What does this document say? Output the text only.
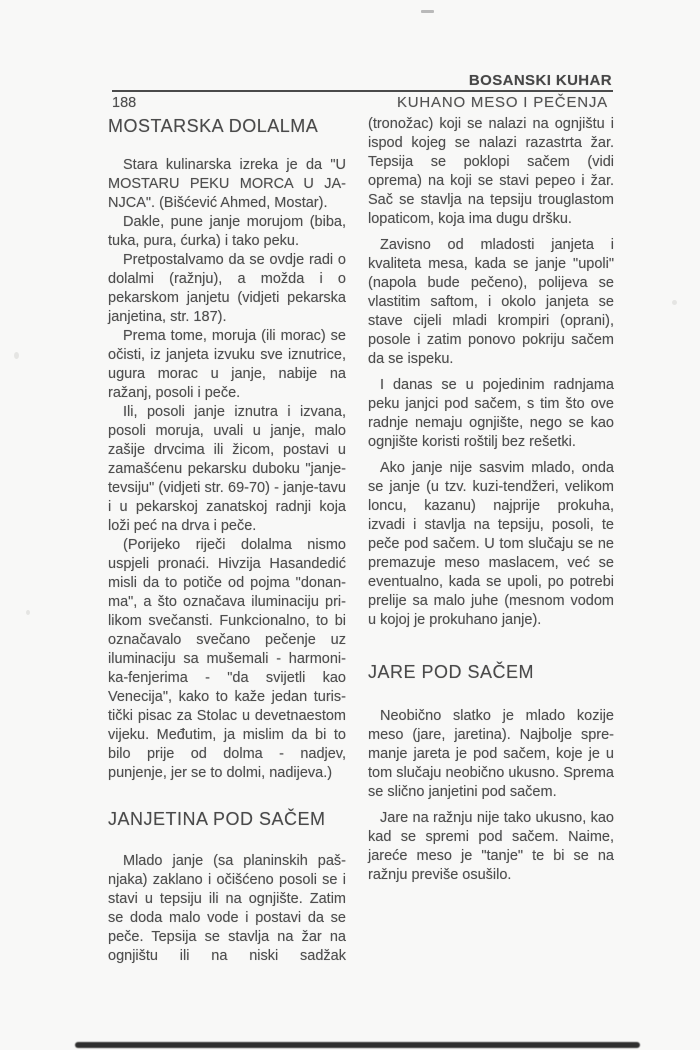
BOSANSKI KUHAR
188	KUHANO MESO I PEČENJA
MOSTARSKA DOLALMA

Stara kulinarska izreka je da "U MOSTARU PEKU MORCA U JANJCA". (Bišćević Ahmed, Mostar).

Dakle, pune janje morujom (biba, tuka, pura, ćurka) i tako peku.

Pretpostalvamo da se ovdje radi o dolalmi (ražnju), a možda i o pekarskom janjetu (vidjeti pekarska janjetina, str. 187).

Prema tome, moruja (ili morac) se očisti, iz janjeta izvuku sve iznutrice, ugura morac u janje, nabije na ražanj, posoli i peče.

Ili, posoli janje iznutra i izvana, posoli moruja, uvali u janje, malo zašije drvcima ili žicom, postavi u zamašćenu pekarsku duboku "janje-tevsiju" (vidjeti str. 69-70) - janje-tavu i u pekarskoj zanatskoj radnji koja loži peć na drva i peče.

(Porijeko riječi dolalma nismo uspjeli pronaći. Hivzija Hasandedić misli da to potiče od pojma "donanma", a što označava iluminaciju prilikom svečansti. Funkcionalno, to bi označavalo svečano pečenje uz iluminaciju sa mušemali - harmonika-fenjerima - "da svijetli kao Venecija", kako to kaže jedan turistički pisac za Stolac u devetnaestom vijeku. Međutim, ja mislim da bi to bilo prije od dolma - nadjev, punjenje, jer se to dolmi, nadijeva.)

JANJETINA POD SAČEM

Mlado janje (sa planinskih pašnjaka) zaklano i očišćeno posoli se i stavi u tepsiju ili na ognjište. Zatim se doda malo vode i postavi da se peče. Tepsija se stavlja na žar na ognjištu ili na niski sadžak

(tronožac) koji se nalazi na ognjištu i ispod kojeg se nalazi razastrta žar. Tepsija se poklopi sačem (vidi oprema) na koji se stavi pepeo i žar. Sač se stavlja na tepsiju trouglastom lopaticom, koja ima dugu dršku.

Zavisno od mladosti janjeta i kvaliteta mesa, kada se janje "upoli" (napola bude pečeno), polijeva se vlastitim saftom, i okolo janjeta se stave cijeli mladi krompiri (oprani), posole i zatim ponovo pokriju sačem da se ispeku.

I danas se u pojedinim radnjama peku janjci pod sačem, s tim što ove radnje nemaju ognjište, nego se kao ognjište koristi roštilj bez rešetki.

Ako janje nije sasvim mlado, onda se janje (u tzv. kuzi-tendžeri, velikom loncu, kazanu) najprije prokuha, izvadi i stavlja na tepsiju, posoli, te peče pod sačem. U tom slučaju se ne premazuje meso maslacem, već se eventualno, kada se upoli, po potrebi prelije sa malo juhe (mesnom vodom u kojoj je prokuhano janje).

JARE POD SAČEM

Neobično slatko je mlado kozije meso (jare, jaretina). Najbolje spremanje jareta je pod sačem, koje je u tom slučaju neobično ukusno. Sprema se slično janjetini pod sačem.

Jare na ražnju nije tako ukusno, kao kad se spremi pod sačem. Naime, jareće meso je "tanje" te bi se na ražnju previše osušilo.
